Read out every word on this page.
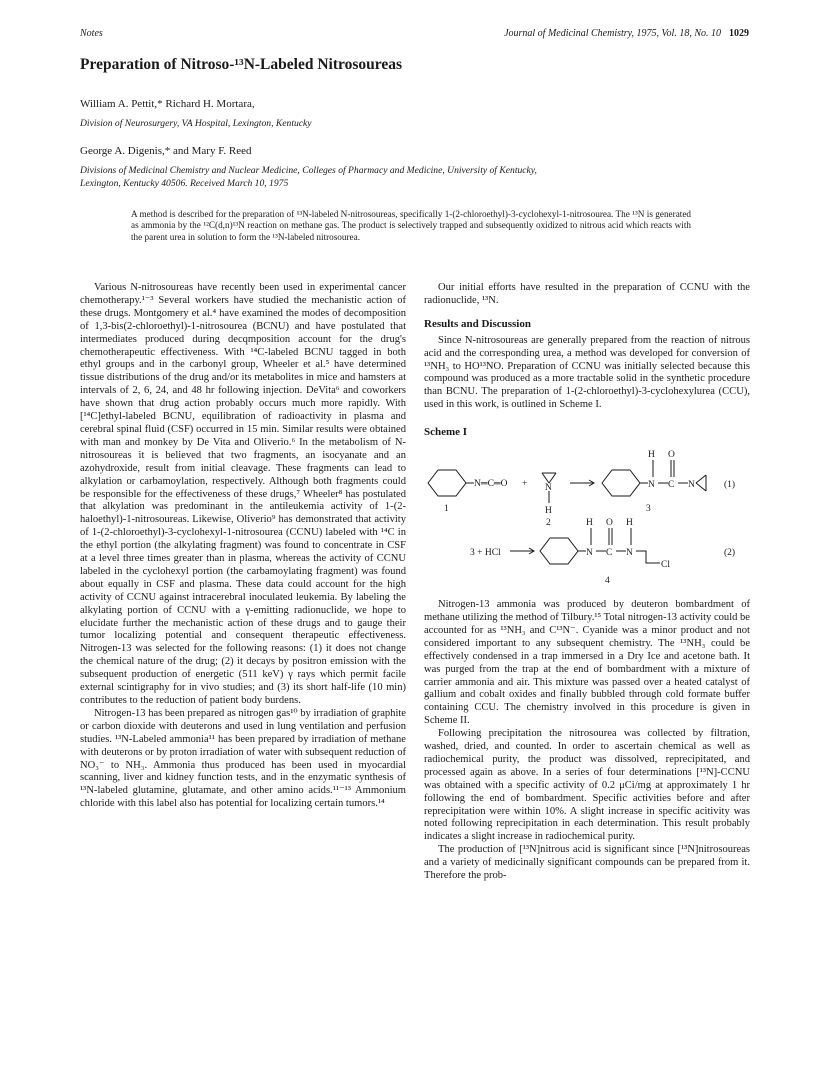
Notes	Journal of Medicinal Chemistry, 1975, Vol. 18, No. 10 1029
Preparation of Nitroso-¹³N-Labeled Nitrosoureas

William A. Pettit,* Richard H. Mortara,

Division of Neurosurgery, VA Hospital, Lexington, Kentucky

George A. Digenis,* and Mary F. Reed

Divisions of Medicinal Chemistry and Nuclear Medicine, Colleges of Pharmacy and Medicine, University of Kentucky,
Lexington, Kentucky 40506. Received March 10, 1975

A method is described for the preparation of ¹³N-labeled N-nitrosoureas, specifically 1-(2-chloroethyl)-3-cyclohexyl-1-nitrosourea. The ¹³N is generated as ammonia by the ¹²C(d,n)¹³N reaction on methane gas. The product is selectively trapped and subsequently oxidized to nitrous acid which reacts with the parent urea in solution to form the ¹³N-labeled nitrosourea.

Various N-nitrosoureas have recently been used in experimental cancer chemotherapy.¹⁻³ Several workers have studied the mechanistic action of these drugs. Montgomery et al.⁴ have examined the modes of decomposition of 1,3-bis(2-chloroethyl)-1-nitrosourea (BCNU) and have postulated that intermediates produced during decqmposition account for the drug's chemotherapeutic effectiveness. With ¹⁴C-labeled BCNU tagged in both ethyl groups and in the carbonyl group, Wheeler et al.⁵ have determined tissue distributions of the drug and/or its metabolites in mice and hamsters at intervals of 2, 6, 24, and 48 hr following injection. DeVita⁶ and coworkers have shown that drug action probably occurs much more rapidly. With [¹⁴C]ethyl-labeled BCNU, equilibration of radioactivity in plasma and cerebral spinal fluid (CSF) occurred in 15 min. Similar results were obtained with man and monkey by De Vita and Oliverio.⁶ In the metabolism of N-nitrosoureas it is believed that two fragments, an isocyanate and an azohydroxide, result from initial cleavage. These fragments can lead to alkylation or carbamoylation, respectively. Although both fragments could be responsible for the effectiveness of these drugs,⁷ Wheeler⁸ has postulated that alkylation was predominant in the antileukemia activity of 1-(2-haloethyl)-1-nitrosoureas. Likewise, Oliverio⁹ has demonstrated that activity of 1-(2-chloroethyl)-3-cyclohexyl-1-nitrosourea (CCNU) labeled with ¹⁴C in the ethyl portion (the alkylating fragment) was found to concentrate in CSF at a level three times greater than in plasma, whereas the activity of CCNU labeled in the cyclohexyl portion (the carbamoylating fragment) was found about equally in CSF and plasma. These data could account for the high activity of CCNU against intracerebral inoculated leukemia. By labeling the alkylating portion of CCNU with a γ-emitting radionuclide, we hope to elucidate further the mechanistic action of these drugs and to gauge their tumor localizing potential and consequent therapeutic effectiveness. Nitrogen-13 was selected for the following reasons: (1) it does not change the chemical nature of the drug; (2) it decays by positron emission with the subsequent production of energetic (511 keV) γ rays which permit facile external scintigraphy for in vivo studies; and (3) its short half-life (10 min) contributes to the reduction of patient body burdens.

Nitrogen-13 has been prepared as nitrogen gas¹⁰ by irradiation of graphite or carbon dioxide with deuterons and used in lung ventilation and perfusion studies. ¹³N-Labeled ammonia¹¹ has been prepared by irradiation of methane with deuterons or by proton irradiation of water with subsequent reduction of NO₃⁻ to NH₃. Ammonia thus produced has been used in myocardial scanning, liver and kidney function tests, and in the enzymatic synthesis of ¹³N-labeled glutamine, glutamate, and other amino acids.¹¹⁻¹³ Ammonium chloride with this label also has potential for localizing certain tumors.¹⁴

Our initial efforts have resulted in the preparation of CCNU with the radionuclide, ¹³N.

Results and Discussion

Since N-nitrosoureas are generally prepared from the reaction of nitrous acid and the corresponding urea, a method was developed for conversion of ¹³NH₃ to HO¹³NO. Preparation of CCNU was initially selected because this compound was produced as a more tractable solid in the synthetic procedure than BCNU. The preparation of 1-(2-chloroethyl)-3-cyclohexylurea (CCU), used in this work, is outlined in Scheme I.

Scheme I
N═C═O + N
H
H O
N C N	(1)
1
2
3
3 + HCl
H O H
N C N
Cl
(2)
4

Nitrogen-13 ammonia was produced by deuteron bombardment of methane utilizing the method of Tilbury.¹⁵ Total nitrogen-13 activity could be accounted for as ¹³NH₃ and C¹³N⁻. Cyanide was a minor product and not considered important to any subsequent chemistry. The ¹³NH₃ could be effectively condensed in a trap immersed in a Dry Ice and acetone bath. It was purged from the trap at the end of bombardment with a mixture of carrier ammonia and air. This mixture was passed over a heated catalyst of gallium and cobalt oxides and finally bubbled through cold formate buffer containing CCU. The chemistry involved in this procedure is given in Scheme II.

Following precipitation the nitrosourea was collected by filtration, washed, dried, and counted. In order to ascertain chemical as well as radiochemical purity, the product was dissolved, reprecipitated, and processed again as above. In a series of four determinations [¹³N]-CCNU was obtained with a specific activity of 0.2 μCi/mg at approximately 1 hr following the end of bombardment. Specific activities before and after reprecipitation were within 10%. A slight increase in specific acitivity was noted following reprecipitation in each determination. This result probably indicates a slight increase in radiochemical purity.

The production of [¹³N]nitrous acid is significant since [¹³N]nitrosoureas and a variety of medicinally significant compounds can be prepared from it. Therefore the prob-
